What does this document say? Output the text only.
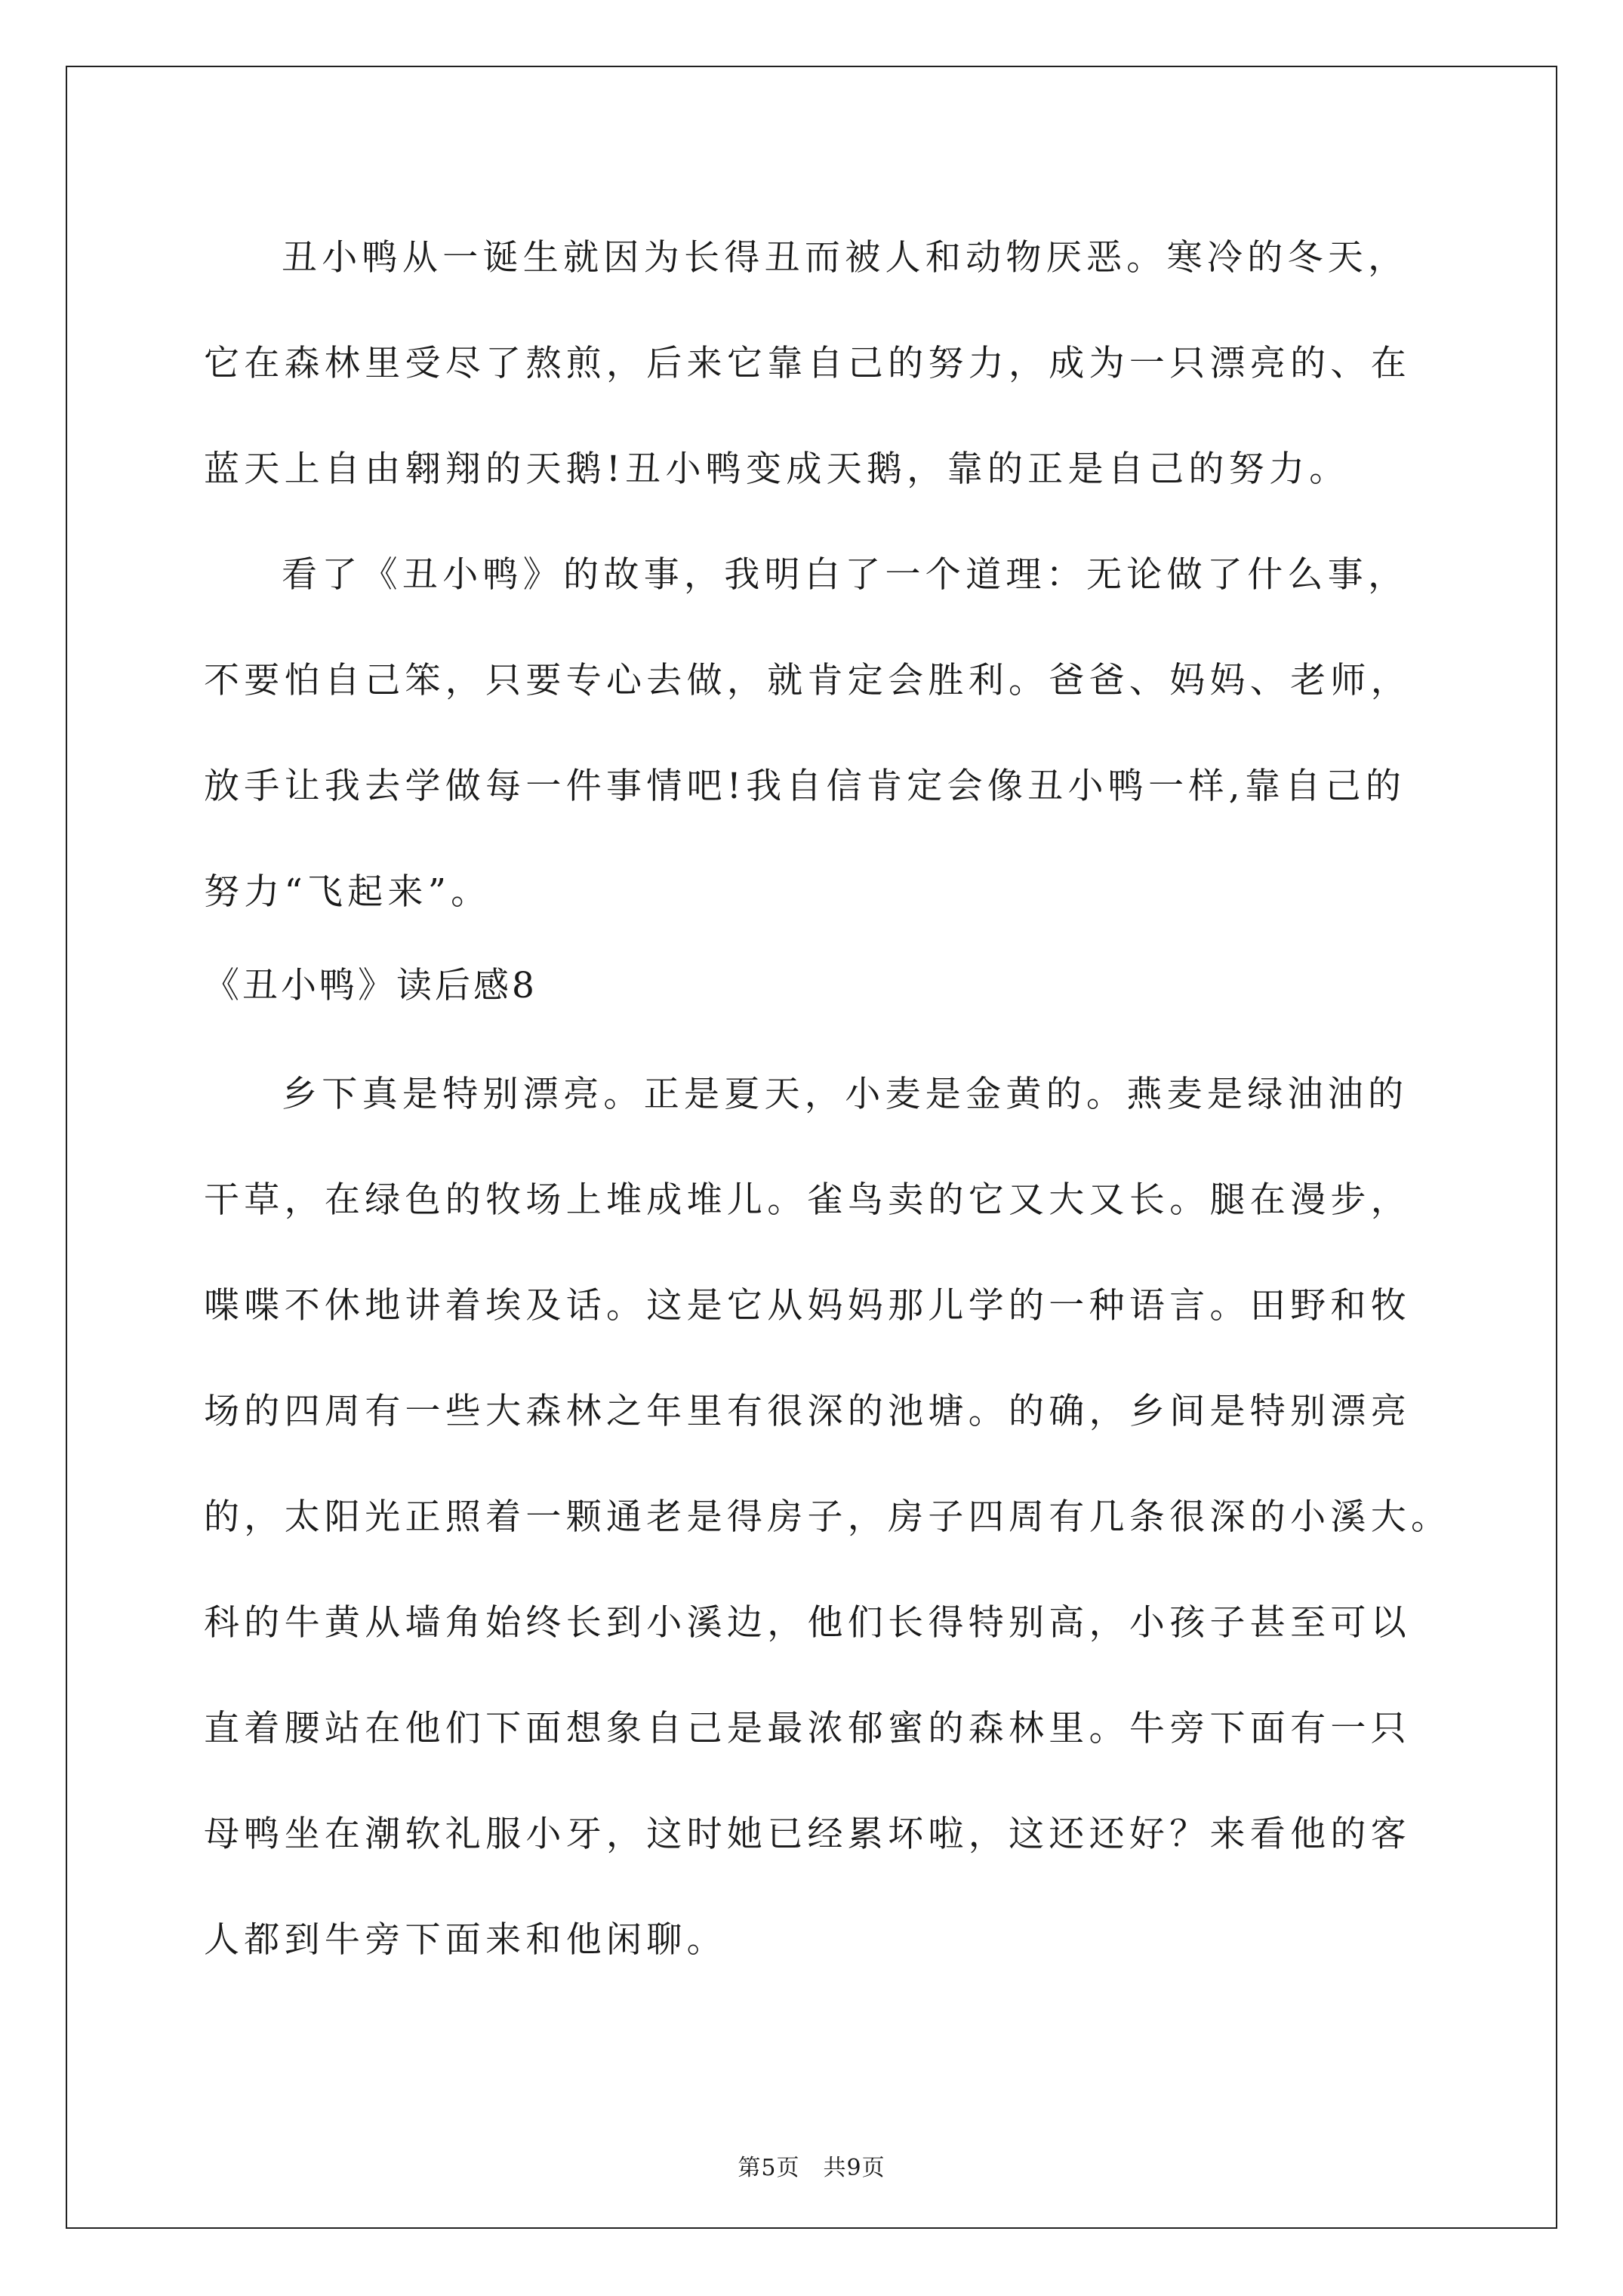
丑小鸭从一诞生就因为长得丑而被人和动物厌恶。寒冷的冬天，
它在森林里受尽了熬煎，后来它靠自己的努力，成为一只漂亮的、在
蓝天上自由翱翔的天鹅!丑小鸭变成天鹅，靠的正是自己的努力。
看了《丑小鸭》的故事，我明白了一个道理：无论做了什么事，
不要怕自己笨，只要专心去做，就肯定会胜利。爸爸、妈妈、老师，
放手让我去学做每一件事情吧!我自信肯定会像丑小鸭一样,靠自己的
努力“飞起来”。
《丑小鸭》读后感8
乡下真是特别漂亮。正是夏天，小麦是金黄的。燕麦是绿油油的
干草，在绿色的牧场上堆成堆儿。雀鸟卖的它又大又长。腿在漫步，
喋喋不休地讲着埃及话。这是它从妈妈那儿学的一种语言。田野和牧
场的四周有一些大森林之年里有很深的池塘。的确，乡间是特别漂亮
的，太阳光正照着一颗通老是得房子，房子四周有几条很深的小溪大。
科的牛黄从墙角始终长到小溪边，他们长得特别高，小孩子甚至可以
直着腰站在他们下面想象自己是最浓郁蜜的森林里。牛旁下面有一只
母鸭坐在潮软礼服小牙，这时她已经累坏啦，这还还好？来看他的客
人都到牛旁下面来和他闲聊。
第5页　共9页
